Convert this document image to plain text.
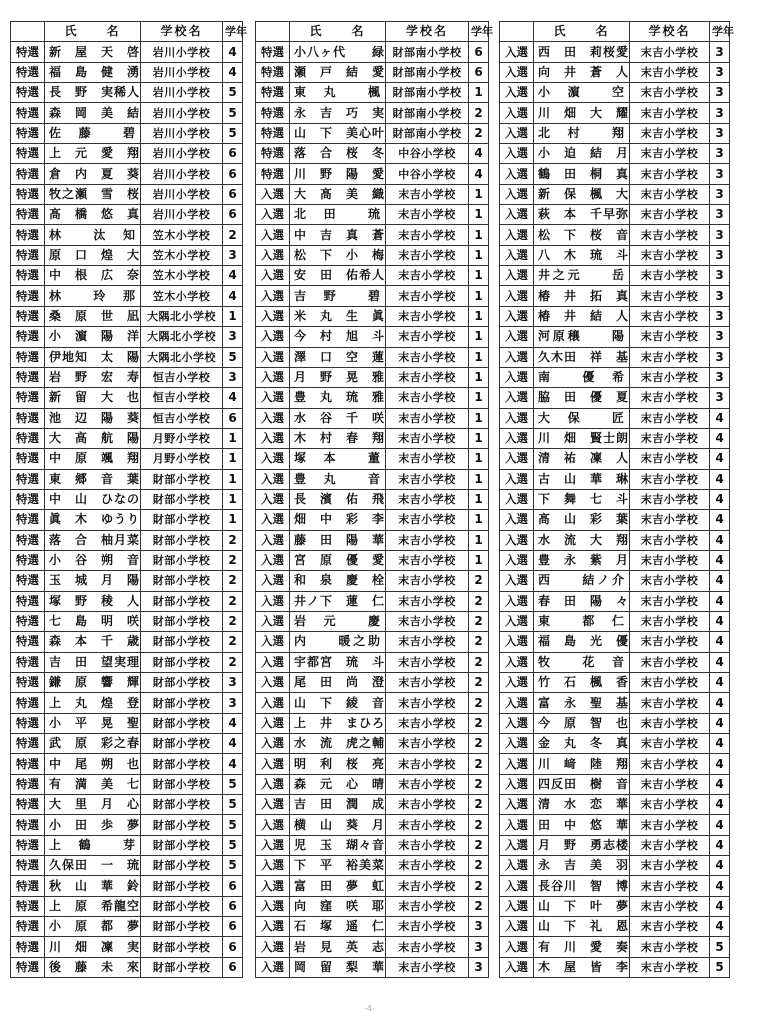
	氏　　名	学校名	学年
特選	新　屋　天　啓	岩川小学校	4
特選	福　島　健　湧	岩川小学校	4
特選	長　野　実稀人	岩川小学校	5
特選	森　岡　美　結	岩川小学校	5
特選	佐　藤　　碧	岩川小学校	5
特選	上　元　愛　翔	岩川小学校	6
特選	倉　内　夏　葵	岩川小学校	6
特選	牧之瀬　雪　桜	岩川小学校	6
特選	髙　橋　悠　真	岩川小学校	6
特選	林　　汰　知	笠木小学校	2
特選	原　口　煌　大	笠木小学校	3
特選	中　根　広　奈	笠木小学校	4
特選	林　　玲　那	笠木小学校	4
特選	桑　原　世　凪	大隅北小学校	1
特選	小　濵　陽　洋	大隅北小学校	3
特選	伊地知　太　陽	大隅北小学校	5
特選	岩　野　宏　寿	恒吉小学校	3
特選	新　留　大　也	恒吉小学校	4
特選	池　辺　陽　葵	恒吉小学校	6
特選	大　高　航　陽	月野小学校	1
特選	中　原　颯　翔	月野小学校	1
特選	東　郷　音　葉	財部小学校	1
特選	中　山　ひなの	財部小学校	1
特選	眞　木　ゆうり	財部小学校	1
特選	落　合　柚月菜	財部小学校	2
特選	小　谷　朔　音	財部小学校	2
特選	玉　城　月　陽	財部小学校	2
特選	塚　野　稜　人	財部小学校	2
特選	七　島　明　咲	財部小学校	2
特選	森　本　千　歳	財部小学校	2
特選	吉　田　望実理	財部小学校	2
特選	鎌　原　響　輝	財部小学校	3
特選	上　丸　煌　登	財部小学校	3
特選	小　平　晃　聖	財部小学校	4
特選	武　原　彩之春	財部小学校	4
特選	中　尾　朔　也	財部小学校	4
特選	有　満　美　七	財部小学校	5
特選	大　里　月　心	財部小学校	5
特選	小　田　歩　夢	財部小学校	5
特選	上　鶴　　芽	財部小学校	5
特選	久保田　一　琉	財部小学校	5
特選	秋　山　華　鈴	財部小学校	6
特選	上　原　希龍空	財部小学校	6
特選	小　原　都　夢	財部小学校	6
特選	川　畑　凜　実	財部小学校	6
特選	後　藤　未　來	財部小学校	6
	氏　　名	学校名	学年
特選	小八ヶ代　　緑	財部南小学校	6
特選	瀬　戸　結　愛	財部南小学校	6
特選	東　丸　　楓	財部南小学校	1
特選	永　吉　巧　実	財部南小学校	2
特選	山　下　美心叶	財部南小学校	2
特選	落　合　桜　冬	中谷小学校	4
特選	川　野　陽　愛	中谷小学校	4
入選	大　髙　美　織	末吉小学校	1
入選	北　田　　琉	末吉小学校	1
入選	中　吉　真　蒼	末吉小学校	1
入選	松　下　小　梅	末吉小学校	1
入選	安　田　佑希人	末吉小学校	1
入選	吉　野　　碧	末吉小学校	1
入選	米　丸　生　眞	末吉小学校	1
入選	今　村　旭　斗	末吉小学校	1
入選	澤　口　空　蓮	末吉小学校	1
入選	月　野　晃　雅	末吉小学校	1
入選	豊　丸　琉　雅	末吉小学校	1
入選	水　谷　千　咲	末吉小学校	1
入選	木　村　春　翔	末吉小学校	1
入選	塚　本　　董	末吉小学校	1
入選	豊　丸　　音	末吉小学校	1
入選	長　濱　佑　飛	末吉小学校	1
入選	畑　中　彩　李	末吉小学校	1
入選	藤　田　陽　華	末吉小学校	1
入選	宮　原　優　愛	末吉小学校	1
入選	和　泉　慶　栓	末吉小学校	2
入選	井ノ下　蓮　仁	末吉小学校	2
入選	岩　元　　慶	末吉小学校	2
入選	内　　暖之助	末吉小学校	2
入選	宇都宮　琉　斗	末吉小学校	2
入選	尾　田　尚　澄	末吉小学校	2
入選	山　下　綾　音	末吉小学校	2
入選	上　井　まひろ	末吉小学校	2
入選	水　流　虎之輔	末吉小学校	2
入選	明　利　桜　亮	末吉小学校	2
入選	森　元　心　晴	末吉小学校	2
入選	吉　田　潤　成	末吉小学校	2
入選	横　山　葵　月	末吉小学校	2
入選	児　玉　瑚々音	末吉小学校	2
入選	下　平　裕美菜	末吉小学校	2
入選	富　田　夢　虹	末吉小学校	2
入選	向　窪　咲　耶	末吉小学校	2
入選	石　塚　遥　仁	末吉小学校	3
入選	岩　見　英　志	末吉小学校	3
入選	岡　留　梨　華	末吉小学校	3
	氏　　名	学校名	学年
入選	西　田　莉桜愛	末吉小学校	3
入選	向　井　蒼　人	末吉小学校	3
入選	小　濵　　空	末吉小学校	3
入選	川　畑　大　耀	末吉小学校	3
入選	北　村　　翔	末吉小学校	3
入選	小　迫　結　月	末吉小学校	3
入選	鶴　田　桐　真	末吉小学校	3
入選	新　保　楓　大	末吉小学校	3
入選	萩　本　千早弥	末吉小学校	3
入選	松　下　桜　音	末吉小学校	3
入選	八　木　琉　斗	末吉小学校	3
入選	井之元　　岳	末吉小学校	3
入選	椿　井　拓　真	末吉小学校	3
入選	椿　井　結　人	末吉小学校	3
入選	河原穣　　陽	末吉小学校	3
入選	久木田　祥　基	末吉小学校	3
入選	南　　優　希	末吉小学校	3
入選	脇　田　優　夏	末吉小学校	3
入選	大　保　　匠	末吉小学校	4
入選	川　畑　賢士朗	末吉小学校	4
入選	清　祐　凜　人	末吉小学校	4
入選	古　山　華　琳	末吉小学校	4
入選	下　舞　七　斗	末吉小学校	4
入選	髙　山　彩　葉	末吉小学校	4
入選	水　流　大　翔	末吉小学校	4
入選	豊　永　紫　月	末吉小学校	4
入選	西　　結ノ介	末吉小学校	4
入選	春　田　陽　々	末吉小学校	4
入選	東　　都　仁	末吉小学校	4
入選	福　島　光　優	末吉小学校	4
入選	牧　　花　音	末吉小学校	4
入選	竹　石　楓　香	末吉小学校	4
入選	富　永　聖　基	末吉小学校	4
入選	今　原　智　也	末吉小学校	4
入選	金　丸　冬　真	末吉小学校	4
入選	川　﨑　陸　翔	末吉小学校	4
入選	四反田　樹　音	末吉小学校	4
入選	清　水　恋　華	末吉小学校	4
入選	田　中　悠　華	末吉小学校	4
入選	月　野　勇志楼	末吉小学校	4
入選	永　吉　美　羽	末吉小学校	4
入選	長谷川　智　博	末吉小学校	4
入選	山　下　叶　夢	末吉小学校	4
入選	山　下　礼　恩	末吉小学校	4
入選	有　川　愛　奏	末吉小学校	5
入選	木　屋　皆　李	末吉小学校	5
-4-
